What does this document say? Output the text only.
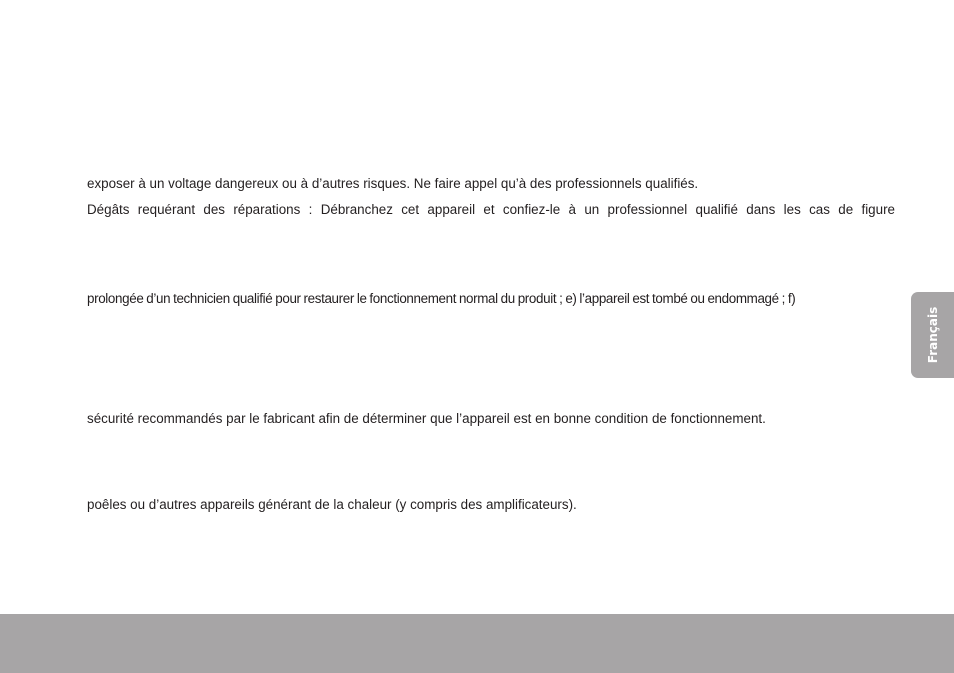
exposer à un voltage dangereux ou à d’autres risques. Ne faire appel qu’à des professionnels qualifiés.

Dégâts requérant des réparations : Débranchez cet appareil et confiez-le à un professionnel qualifié dans les cas de figure

prolongée d’un technicien qualifié pour restaurer le fonctionnement normal du produit ; e) l’appareil est tombé ou endommagé ; f)

sécurité recommandés par le fabricant afin de déterminer que l’appareil est en bonne condition de fonctionnement.

poêles ou d’autres appareils générant de la chaleur (y compris des amplificateurs).

Français
